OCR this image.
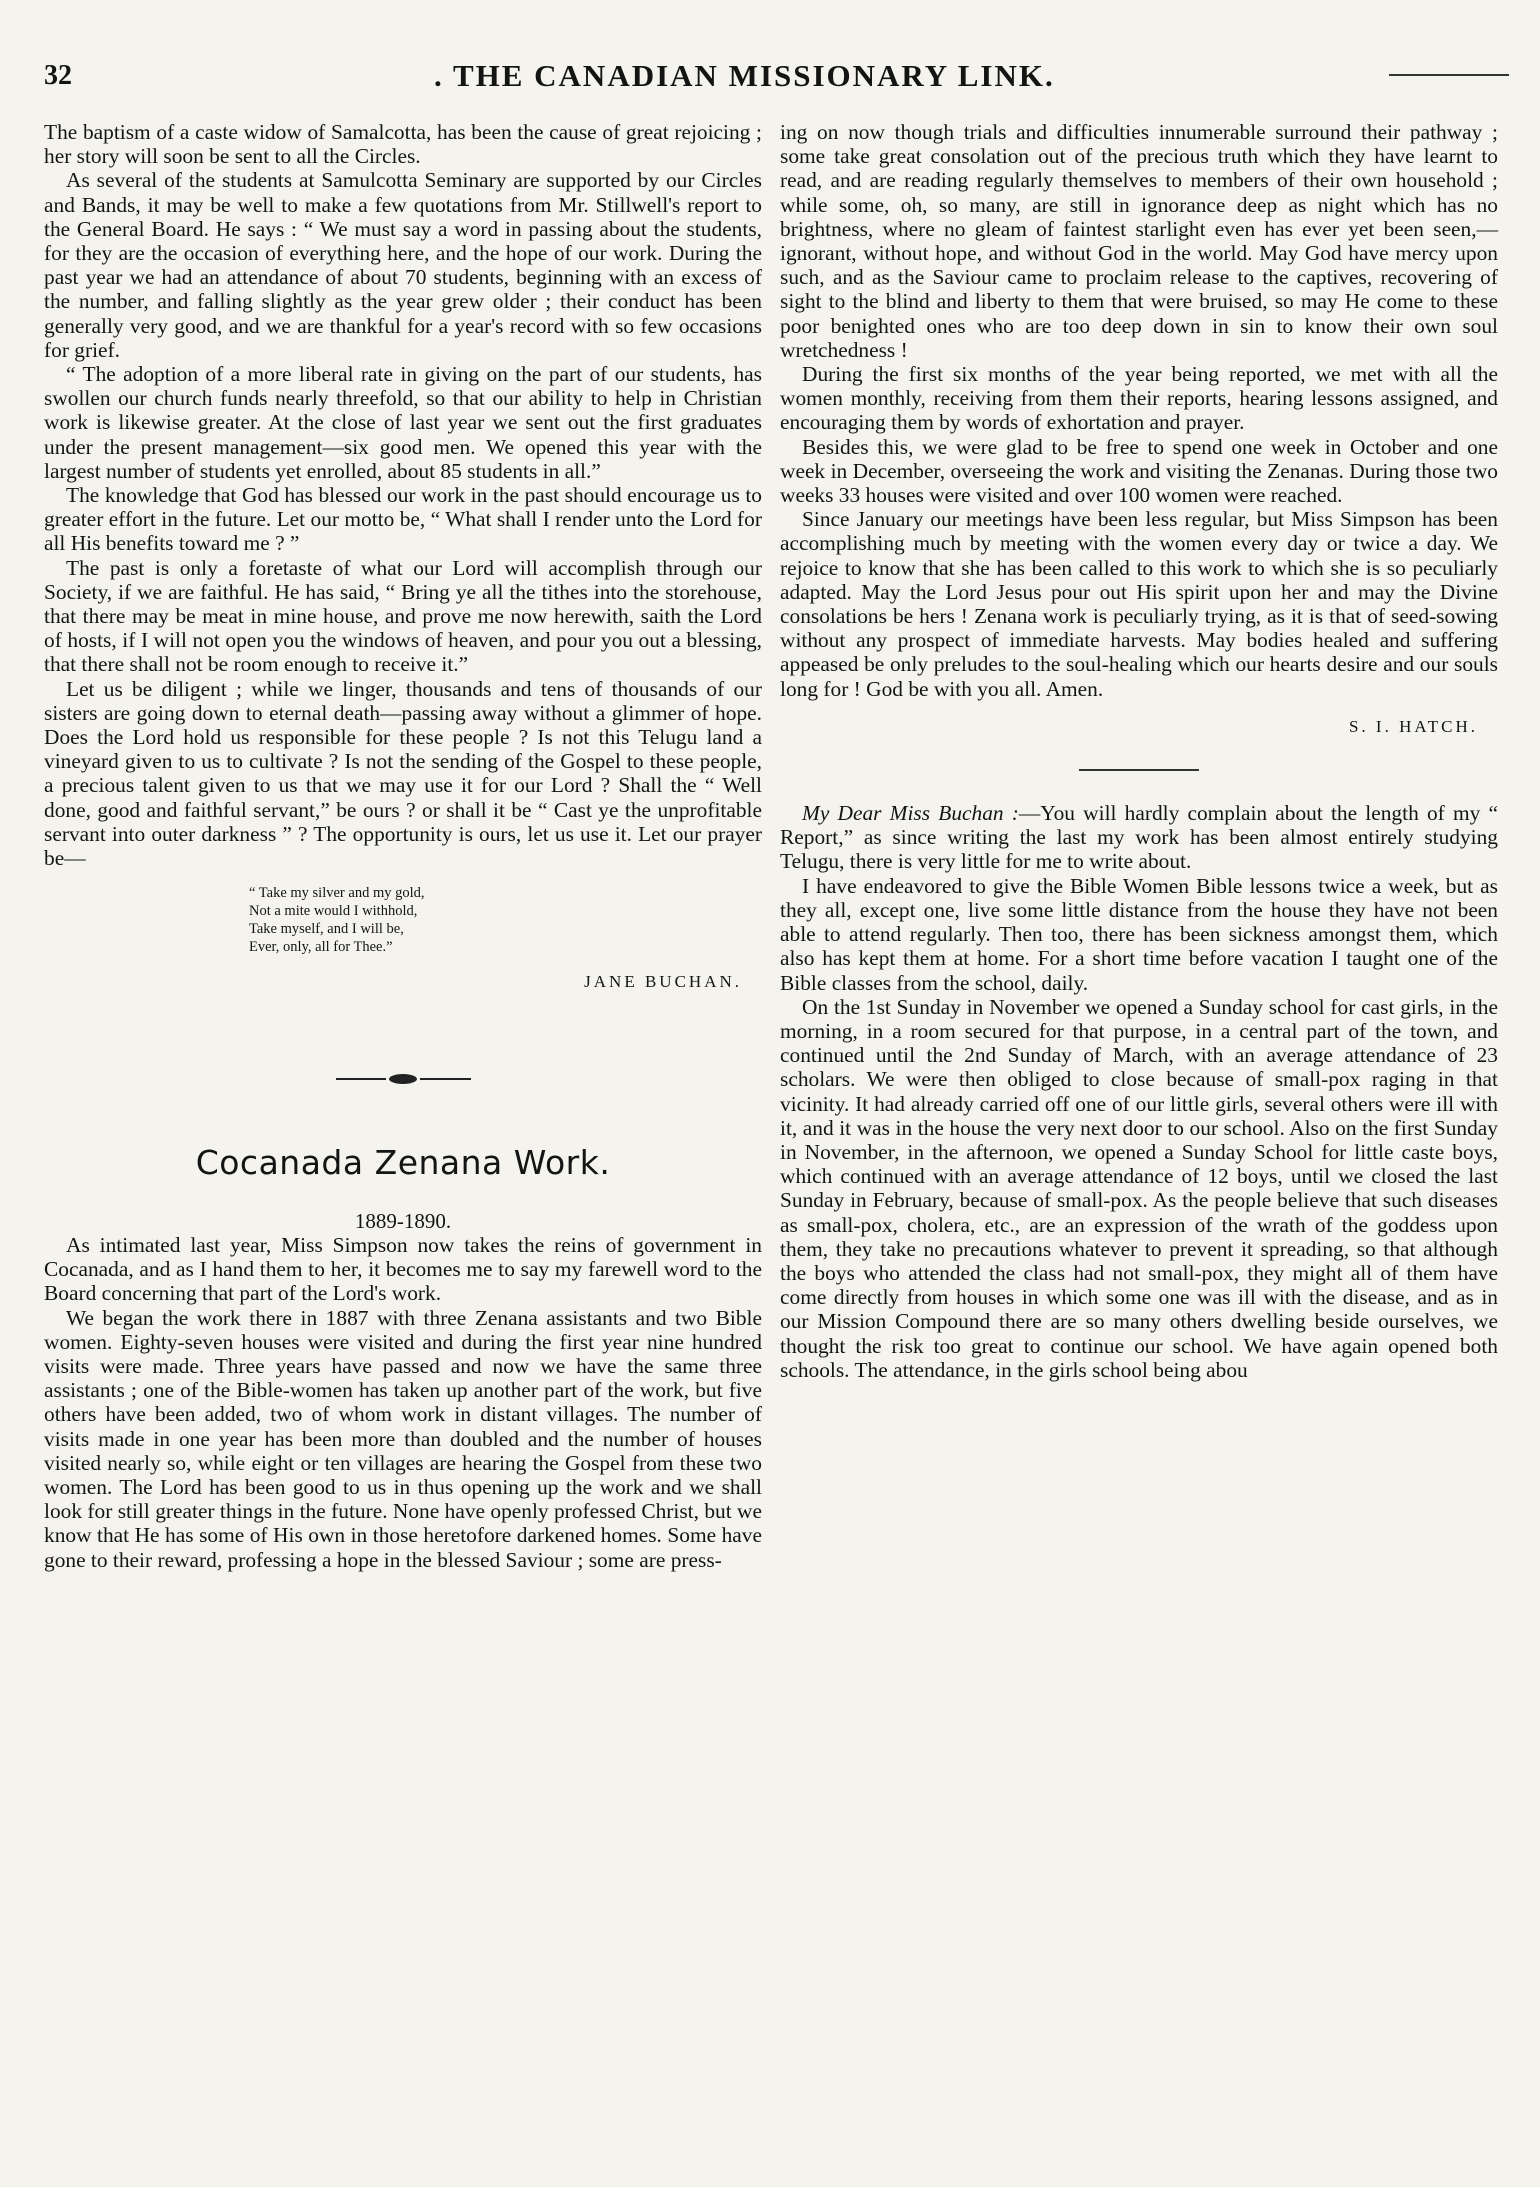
32	. THE CANADIAN MISSIONARY LINK.

The baptism of a caste widow of Samalcotta, has been the cause of great rejoicing ; her story will soon be sent to all the Circles.

As several of the students at Samulcotta Seminary are supported by our Circles and Bands, it may be well to make a few quotations from Mr. Stillwell's report to the General Board. He says : “ We must say a word in passing about the students, for they are the occasion of everything here, and the hope of our work. During the past year we had an attendance of about 70 students, beginning with an excess of the number, and falling slightly as the year grew older ; their conduct has been generally very good, and we are thankful for a year's record with so few occasions for grief.

“ The adoption of a more liberal rate in giving on the part of our students, has swollen our church funds nearly threefold, so that our ability to help in Christian work is likewise greater. At the close of last year we sent out the first graduates under the present management—six good men. We opened this year with the largest number of students yet enrolled, about 85 students in all.”

The knowledge that God has blessed our work in the past should encourage us to greater effort in the future. Let our motto be, “ What shall I render unto the Lord for all His benefits toward me ? ”

The past is only a foretaste of what our Lord will accomplish through our Society, if we are faithful. He has said, “ Bring ye all the tithes into the storehouse, that there may be meat in mine house, and prove me now herewith, saith the Lord of hosts, if I will not open you the windows of heaven, and pour you out a blessing, that there shall not be room enough to receive it.”

Let us be diligent ; while we linger, thousands and tens of thousands of our sisters are going down to eternal death—passing away without a glimmer of hope. Does the Lord hold us responsible for these people ? Is not this Telugu land a vineyard given to us to cultivate ? Is not the sending of the Gospel to these people, a precious talent given to us that we may use it for our Lord ? Shall the “ Well done, good and faithful servant,” be ours ? or shall it be “ Cast ye the unprofitable servant into outer darkness ” ? The opportunity is ours, let us use it. Let our prayer be—

“ Take my silver and my gold,
Not a mite would I withhold,
Take myself, and I will be,
Ever, only, all for Thee.”
JANE BUCHAN.
Cocanada Zenana Work.
1889-1890.

As intimated last year, Miss Simpson now takes the reins of government in Cocanada, and as I hand them to her, it becomes me to say my farewell word to the Board concerning that part of the Lord's work.

We began the work there in 1887 with three Zenana assistants and two Bible women. Eighty-seven houses were visited and during the first year nine hundred visits were made. Three years have passed and now we have the same three assistants ; one of the Bible-women has taken up another part of the work, but five others have been added, two of whom work in distant villages. The number of visits made in one year has been more than doubled and the number of houses visited nearly so, while eight or ten villages are hearing the Gospel from these two women. The Lord has been good to us in thus opening up the work and we shall look for still greater things in the future. None have openly professed Christ, but we know that He has some of His own in those heretofore darkened homes. Some have gone to their reward, professing a hope in the blessed Saviour ; some are press-

ing on now though trials and difficulties innumerable surround their pathway ; some take great consolation out of the precious truth which they have learnt to read, and are reading regularly themselves to members of their own household ; while some, oh, so many, are still in ignorance deep as night which has no brightness, where no gleam of faintest starlight even has ever yet been seen,—ignorant, without hope, and without God in the world. May God have mercy upon such, and as the Saviour came to proclaim release to the captives, recovering of sight to the blind and liberty to them that were bruised, so may He come to these poor benighted ones who are too deep down in sin to know their own soul wretchedness !

During the first six months of the year being reported, we met with all the women monthly, receiving from them their reports, hearing lessons assigned, and encouraging them by words of exhortation and prayer.

Besides this, we were glad to be free to spend one week in October and one week in December, overseeing the work and visiting the Zenanas. During those two weeks 33 houses were visited and over 100 women were reached.

Since January our meetings have been less regular, but Miss Simpson has been accomplishing much by meeting with the women every day or twice a day. We rejoice to know that she has been called to this work to which she is so peculiarly adapted. May the Lord Jesus pour out His spirit upon her and may the Divine consolations be hers ! Zenana work is peculiarly trying, as it is that of seed-sowing without any prospect of immediate harvests. May bodies healed and suffering appeased be only preludes to the soul-healing which our hearts desire and our souls long for ! God be with you all. Amen.

S. I. HATCH.

My Dear Miss Buchan :—You will hardly complain about the length of my “ Report,” as since writing the last my work has been almost entirely studying Telugu, there is very little for me to write about.

I have endeavored to give the Bible Women Bible lessons twice a week, but as they all, except one, live some little distance from the house they have not been able to attend regularly. Then too, there has been sickness amongst them, which also has kept them at home. For a short time before vacation I taught one of the Bible classes from the school, daily.

On the 1st Sunday in November we opened a Sunday school for cast girls, in the morning, in a room secured for that purpose, in a central part of the town, and continued until the 2nd Sunday of March, with an average attendance of 23 scholars. We were then obliged to close because of small-pox raging in that vicinity. It had already carried off one of our little girls, several others were ill with it, and it was in the house the very next door to our school. Also on the first Sunday in November, in the afternoon, we opened a Sunday School for little caste boys, which continued with an average attendance of 12 boys, until we closed the last Sunday in February, because of small-pox. As the people believe that such diseases as small-pox, cholera, etc., are an expression of the wrath of the goddess upon them, they take no precautions whatever to prevent it spreading, so that although the boys who attended the class had not small-pox, they might all of them have come directly from houses in which some one was ill with the disease, and as in our Mission Compound there are so many others dwelling beside ourselves, we thought the risk too great to continue our school. We have again opened both schools. The attendance, in the girls school being abou
